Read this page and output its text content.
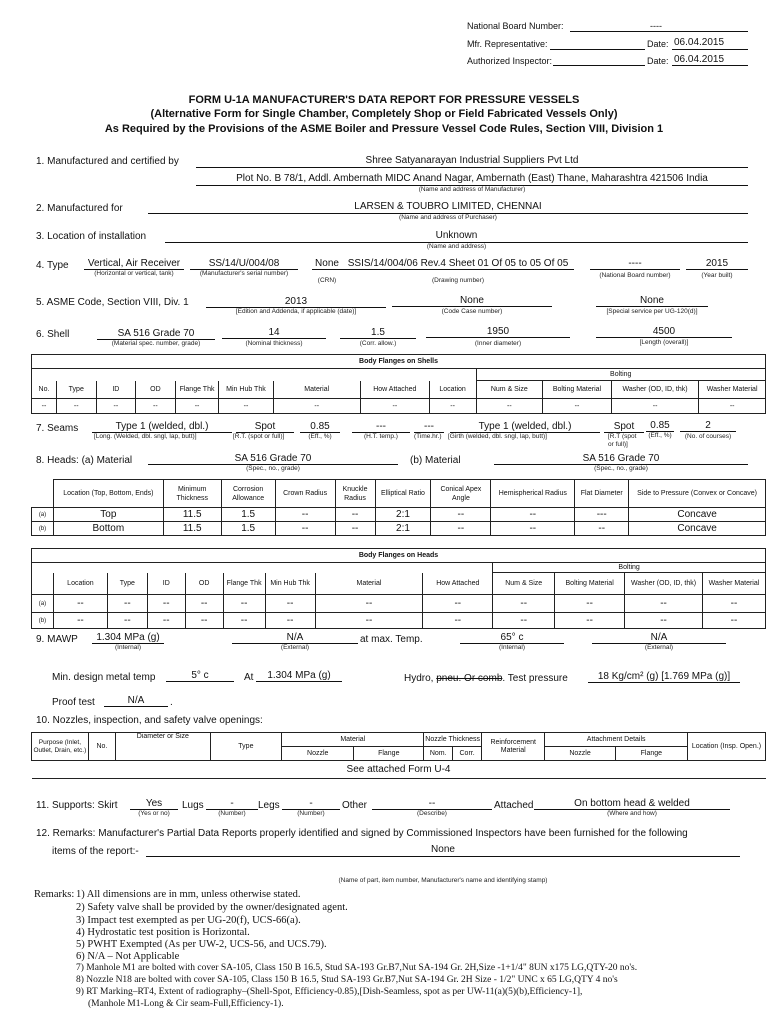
National Board Number:	----
Mfr. Representative:	Date: 06.04.2015
Authorized Inspector:	Date: 06.04.2015
FORM U-1A MANUFACTURER'S DATA REPORT FOR PRESSURE VESSELS
(Alternative Form for Single Chamber, Completely Shop or Field Fabricated Vessels Only)
As Required by the Provisions of the ASME Boiler and Pressure Vessel Code Rules, Section VIII, Division 1
1. Manufactured and certified by	Shree Satyanarayan Industrial Suppliers Pvt Ltd
Plot No. B 78/1, Addl. Ambernath MIDC Anand Nagar, Ambernath (East) Thane, Maharashtra 421506 India
(Name and address of Manufacturer)
2. Manufactured for	LARSEN & TOUBRO LIMITED, CHENNAI
(Name and address of Purchaser)
3. Location of installation	Unknown
(Name and address)
4. Type	Vertical, Air Receiver
(Horizontal or vertical, tank)
SS/14/U/004/08
(Manufacturer's serial number)
None
(CRN)
SSIS/14/004/06 Rev.4 Sheet 01 Of 05 to 05 Of 05
(Drawing number)
----
(National Board number)
2015
(Year built)
5. ASME Code, Section VIII, Div. 1	2013
[Edition and Addenda, if applicable (date)]
None
(Code Case number)
None
[Special service per UG-120(d)]
6. Shell	SA 516 Grade 70
(Material spec. number, grade)
14
(Nominal thickness)
1.5
(Corr. allow.)
1950
(Inner diameter)
4500
[Length (overall)]
Body Flanges on Shells												
									Bolting			
No.	Type	ID	OD	Flange Thk	Min Hub Thk	Material	How Attached	Location	Num & Size	Bolting Material	Washer (OD, ID, thk)	Washer Material
--	--	--	--	--	--	--	--	--	--	--	--	--
7. Seams	Type 1 (welded, dbl.)
[Long. (Welded, dbl. sngl, lap, butt)]
Spot
[R.T. (spot or full)]
0.85
(Eff., %)
---
(H.T. temp.)
---
(Time.hr.)
Type 1 (welded, dbl.)
[Girth (welded, dbl. sngl, lap, butt)]
Spot
[R.T (spot or full)]
0.85
(Eff., %)
2
(No. of courses)
8. Heads: (a) Material	SA 516 Grade 70
(Spec., no., grade)
(b) Material	SA 516 Grade 70
(Spec., no., grade)
	Location (Top, Bottom, Ends)	Minimum Thickness	Corrosion Allowance	Crown Radius	Knuckle Radius	Elliptical Ratio	Conical Apex Angle	Hemispherical Radius	Flat Diameter	Side to Pressure (Convex or Concave)
(a)	Top	11.5	1.5	--	--	2:1	--	--	---	Concave
(b)	Bottom	11.5	1.5	--	--	2:1	--	--	--	Concave
Body Flanges on Heads												
									Bolting			
	Location	Type	ID	OD	Flange Thk	Min Hub Thk	Material	How Attached	Num & Size	Bolting Material	Washer (OD, ID, thk)	Washer Material
(a)	--	--	--	--	--	--	--	--	--	--	--	--
(b)	--	--	--	--	--	--	--	--	--	--	--	--
9. MAWP	1.304 MPa (g)
(Internal)
N/A
(External)
at max. Temp.	65° c
(Internal)
N/A
(External)
Min. design metal temp	5° c	At	1.304 MPa (g)	Hydro, pneu. Or comb. Test pressure	18 Kg/cm² (g) [1.769 MPa (g)]
Proof test	N/A	.
10. Nozzles, inspection, and safety valve openings:
Purpose (Inlet, Outlet, Drain, etc.)	No.	Diameter or Size	Type	Material		Nozzle Thickness		Reinforcement Material	Attachment Details		Location (Insp. Open.)
				Nozzle	Flange	Nom.	Corr.		Nozzle	Flange	
See attached Form U-4											
11. Supports: Skirt	Yes
(Yes or no)
Lugs	-
(Number)
Legs	-
(Number)
Other	--
(Describe)
Attached	On bottom head & welded
(Where and how)
12. Remarks: Manufacturer's Partial Data Reports properly identified and signed by Commissioned Inspectors have been furnished for the following
items of the report:-	None
(Name of part, item number, Manufacturer's name and identifying stamp)
Remarks: 1) All dimensions are in mm, unless otherwise stated.
2) Safety valve shall be provided by the owner/designated agent.
3) Impact test exempted as per UG-20(f), UCS-66(a).
4) Hydrostatic test position is Horizontal.
5) PWHT Exempted (As per UW-2, UCS-56, and UCS.79).
6) N/A – Not Applicable
7) Manhole M1 are bolted with cover SA-105, Class 150 B 16.5, Stud SA-193 Gr.B7,Nut SA-194 Gr. 2H,Size -1+1/4" 8UN x175 LG,QTY-20 no's.
8) Nozzle N18 are bolted with cover SA-105, Class 150 B 16.5, Stud SA-193 Gr.B7,Nut SA-194 Gr. 2H Size - 1/2" UNC x 65 LG,QTY 4 no's
9) RT Marking–RT4, Extent of radiography–(Shell-Spot, Efficiency-0.85),[Dish-Seamless, spot as per UW-11(a)(5)(b),Efficiency-1],
(Manhole M1-Long & Cir seam-Full,Efficiency-1).
